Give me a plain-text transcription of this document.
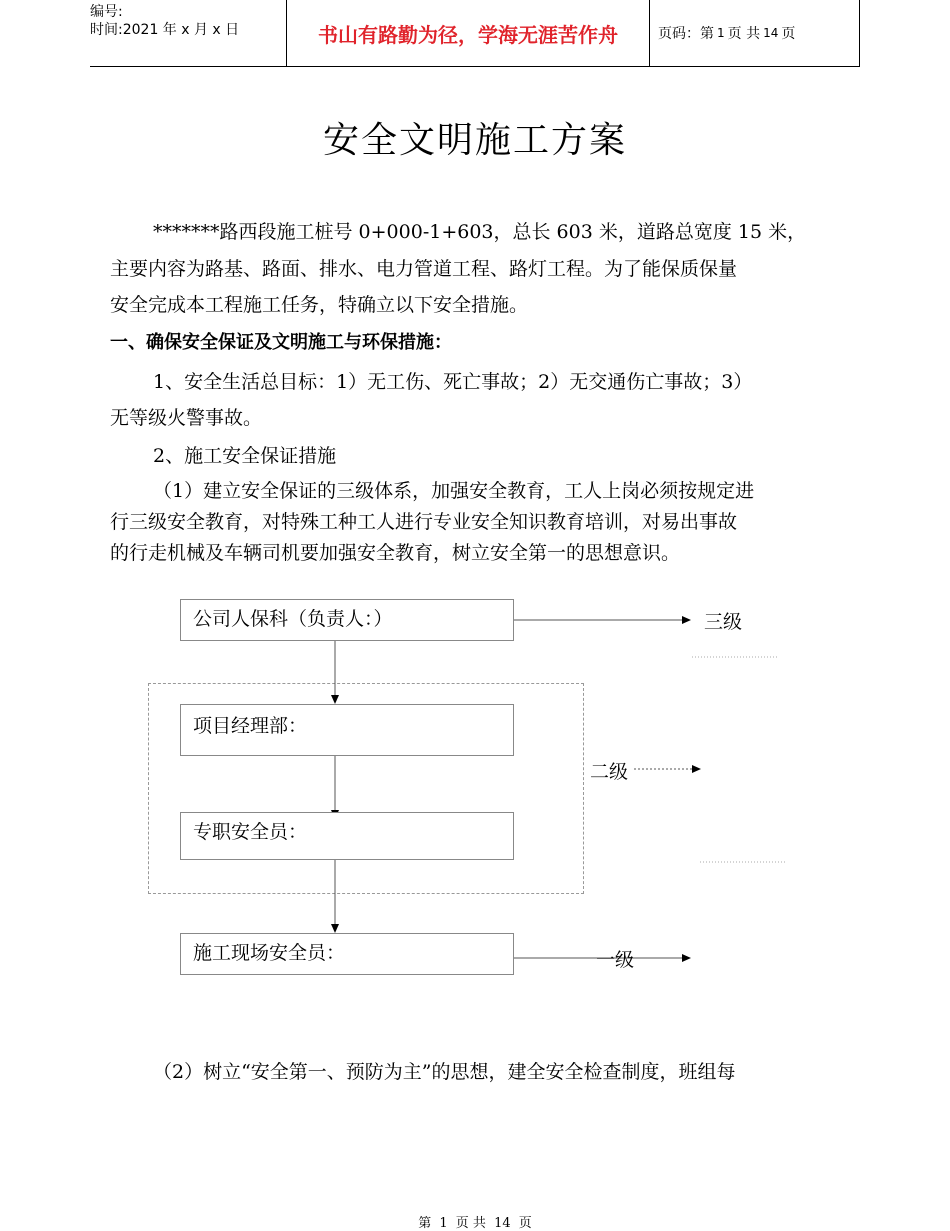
编号:
时间:2021 年 x 月 x 日	书山有路勤为径，学海无涯苦作舟	页码：第 1 页 共 14 页
安全文明施工方案
*******路西段施工桩号 0+000-1+603，总长 603 米，道路总宽度 15 米，
主要内容为路基、路面、排水、电力管道工程、路灯工程。为了能保质保量
安全完成本工程施工任务，特确立以下安全措施。
一、确保安全保证及文明施工与环保措施：
1、安全生活总目标：1）无工伤、死亡事故；2）无交通伤亡事故；3）
无等级火警事故。
2、施工安全保证措施
（1）建立安全保证的三级体系，加强安全教育，工人上岗必须按规定进
行三级安全教育，对特殊工种工人进行专业安全知识教育培训，对易出事故
的行走机械及车辆司机要加强安全教育，树立安全第一的思想意识。
公司人保科（负责人：）
项目经理部：
专职安全员：
施工现场安全员：
三级
二级
一级
（2）树立“安全第一、预防为主”的思想，建全安全检查制度，班组每
第 1 页 共 14 页
